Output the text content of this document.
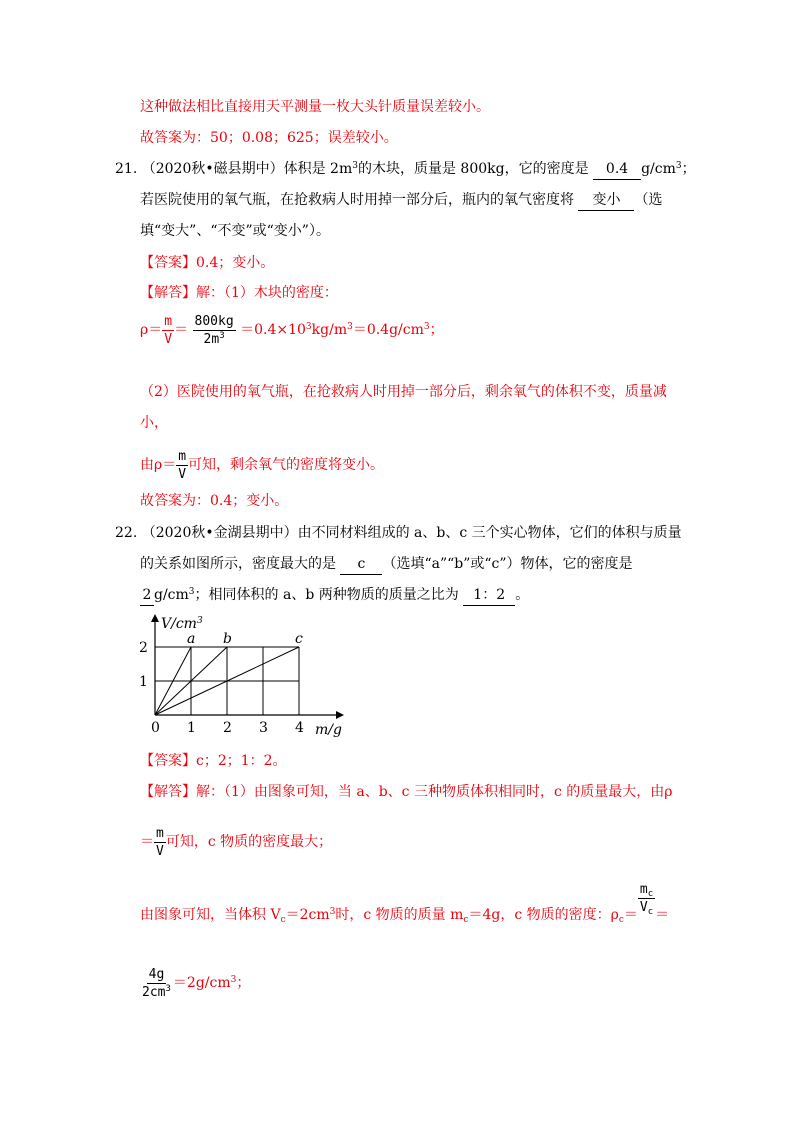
这种做法相比直接用天平测量一枚大头针质量误差较小。
故答案为：50；0.08；625；误差较小。
21. （2020秋•磁县期中）体积是 $2m^3$的木块，质量是 800kg，它的密度是 0.4 $g/cm^3$；
若医院使用的氧气瓶，在抢救病人时用掉一部分后，瓶内的氧气密度将 变小 （选
填“变大”、“不变”或“变小”）。
【答案】0.4；变小。
【解答】解：（1）木块的密度：
$\rho= \frac{m}{V} = \frac{800kg}{2m^3} =0.4\times 10^3kg/m^3=0.4g/cm^3$；
（2）医院使用的氧气瓶，在抢救病人时用掉一部分后，剩余氧气的体积不变，质量减
小，
由$\rho= \frac{m}{V}$ 可知，剩余氧气的密度将变小。
故答案为：0.4；变小。
22. （2020秋•金湖县期中）由不同材料组成的 a、b、c 三个实心物体，它们的体积与质量
的关系如图所示，密度最大的是 c （选填“a”“b”或“c”）物体，它的密度是
2 $g/cm^3$；相同体积的 a、b 两种物质的质量之比为 1：2 。
0 1 2 3 4
1
2
a b	c
$V/cm^3$
m/g
【答案】c；2；1：2。
【解答】解：（1）由图象可知，当 a、b、c 三种物质体积相同时，c 的质量最大，由ρ
＝ $\frac{m}{V}$ 可知，c 物质的密度最大；
由图象可知，当体积 $V_c=2cm^3$时，c 物质的质量 $m_c=4g$，c 物质的密度：$\rho_c= \frac{m_c}{V_c}$ ＝
$\frac{4g}{2cm^3} =2g/cm^3$；
